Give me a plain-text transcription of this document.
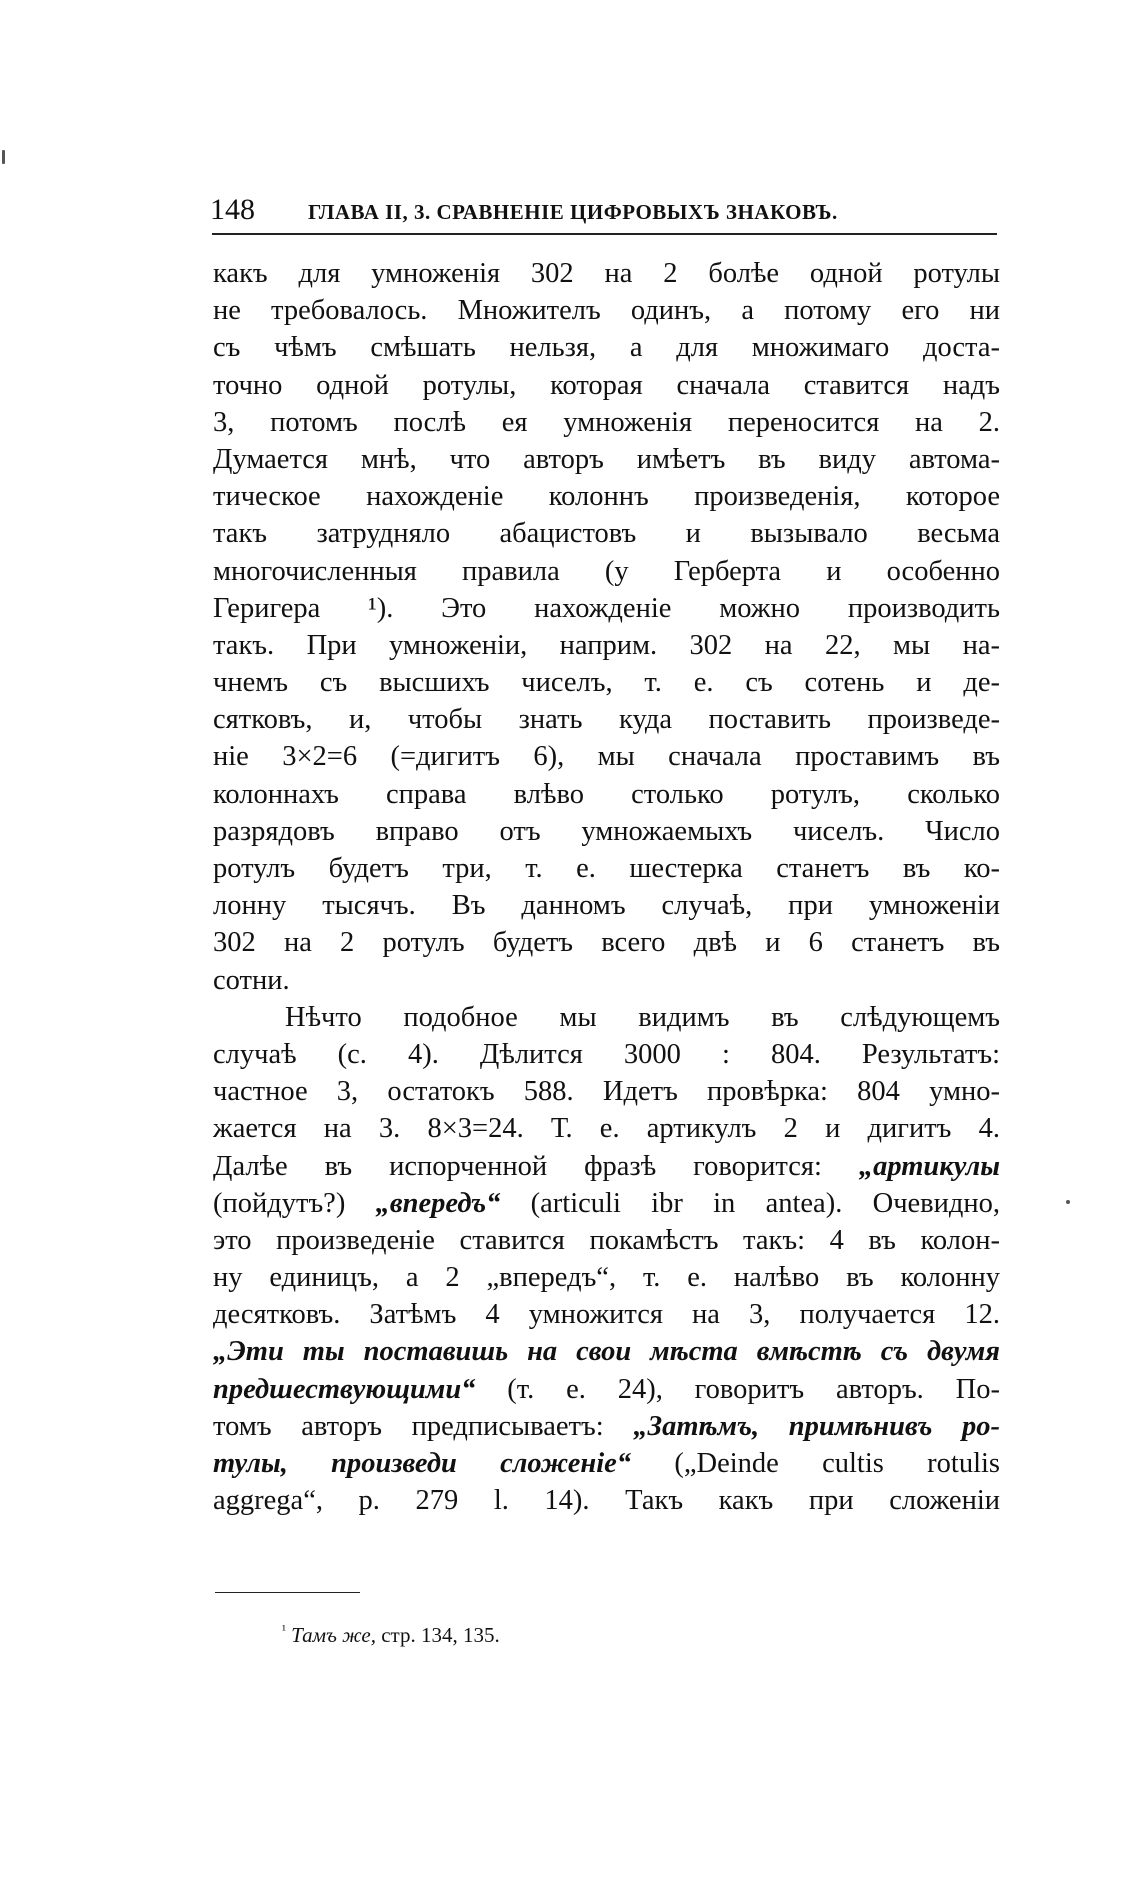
148	ГЛАВА II, 3. СРАВНЕНІЕ ЦИФРОВЫХЪ ЗНАКОВЪ.
какъ для умноженія 302 на 2 болѣе одной ротулы
не требовалось. Множителъ одинъ, а потому его ни
съ чѣмъ смѣшать нельзя, а для множимаго доста-
точно одной ротулы, которая сначала ставится надъ
3, потомъ послѣ ея умноженія переносится на 2.
Думается мнѣ, что авторъ имѣетъ въ виду автома-
тическое нахожденіе колоннъ произведенія, которое
такъ затрудняло абацистовъ и вызывало весьма
многочисленныя правила (у Герберта и особенно
Геригера ¹). Это нахожденіе можно производить
такъ. При умноженіи, наприм. 302 на 22, мы на-
чнемъ съ высшихъ чиселъ, т. е. съ сотень и де-
сятковъ, и, чтобы знать куда поставить произведе-
ніе 3×2=6 (=дигитъ 6), мы сначала проставимъ въ
колоннахъ справа влѣво столько ротулъ, сколько
разрядовъ вправо отъ умножаемыхъ чиселъ. Число
ротулъ будетъ три, т. е. шестерка станетъ въ ко-
лонну тысячъ. Въ данномъ случаѣ, при умноженіи
302 на 2 ротулъ будетъ всего двѣ и 6 станетъ въ
сотни.
Нѣчто подобное мы видимъ въ слѣдующемъ
случаѣ (с. 4). Дѣлится 3000 : 804. Результатъ:
частное 3, остатокъ 588. Идетъ провѣрка: 804 умно-
жается на 3. 8×3=24. Т. е. артикулъ 2 и дигитъ 4.
Далѣе въ испорченной фразѣ говорится: „артикулы
(пойдутъ?) „впередъ“ (articuli ibr in antea). Очевидно,
это произведеніе ставится покамѣстъ такъ: 4 въ колон-
ну единицъ, а 2 „впередъ“, т. е. налѣво въ колонну
десятковъ. Затѣмъ 4 умножится на 3, получается 12.
„Эти ты поставишь на свои мѣста вмѣстѣ съ двумя
предшествующими“ (т. е. 24), говоритъ авторъ. По-
томъ авторъ предписываетъ: „Затѣмъ, примѣнивъ ро-
тулы, произведи сложеніе“ („Deinde cultis rotulis
aggrega“, p. 279 l. 14). Такъ какъ при сложеніи
$^{^1}$ Тамъ же, стр. 134, 135.
